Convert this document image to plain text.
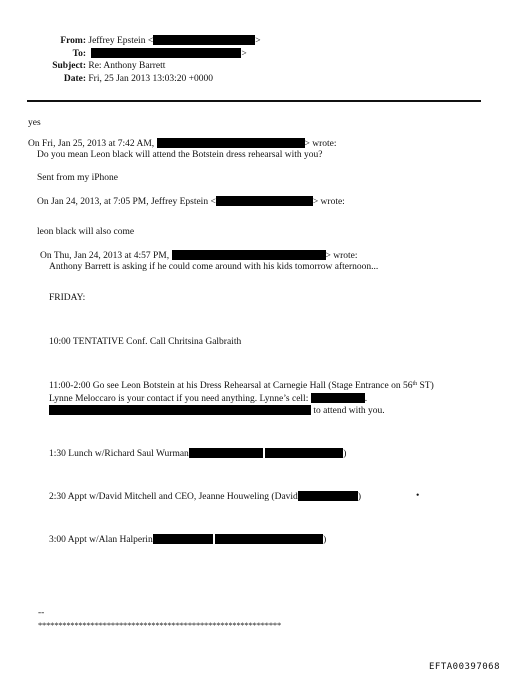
From: Jeffrey Epstein <	>
To:	>
Subject: Re: Anthony Barrett
Date: Fri, 25 Jan 2013 13:03:20 +0000
yes
On Fri, Jan 25, 2013 at 7:42 AM,	> wrote:
Do you mean Leon black will attend the Botstein dress rehearsal with you?
Sent from my iPhone
On Jan 24, 2013, at 7:05 PM, Jeffrey Epstein <	> wrote:
leon black will also come
On Thu, Jan 24, 2013 at 4:57 PM,	> wrote:
Anthony Barrett is asking if he could come around with his kids tomorrow afternoon...
FRIDAY:
10:00 TENTATIVE Conf. Call Chritsina Galbraith
11:00-2:00 Go see Leon Botstein at his Dress Rehearsal at Carnegie Hall (Stage Entrance on 56th ST)
Lynne Meloccaro is your contact if you need anything. Lynne’s cell:	.
to attend with you.
1:30 Lunch w/Richard Saul Wurman	)
2:30 Appt w/David Mitchell and CEO, Jeanne Houweling (David	)	•
3:00 Appt w/Alan Halperin	)
--
************************************************************
EFTA00397068
